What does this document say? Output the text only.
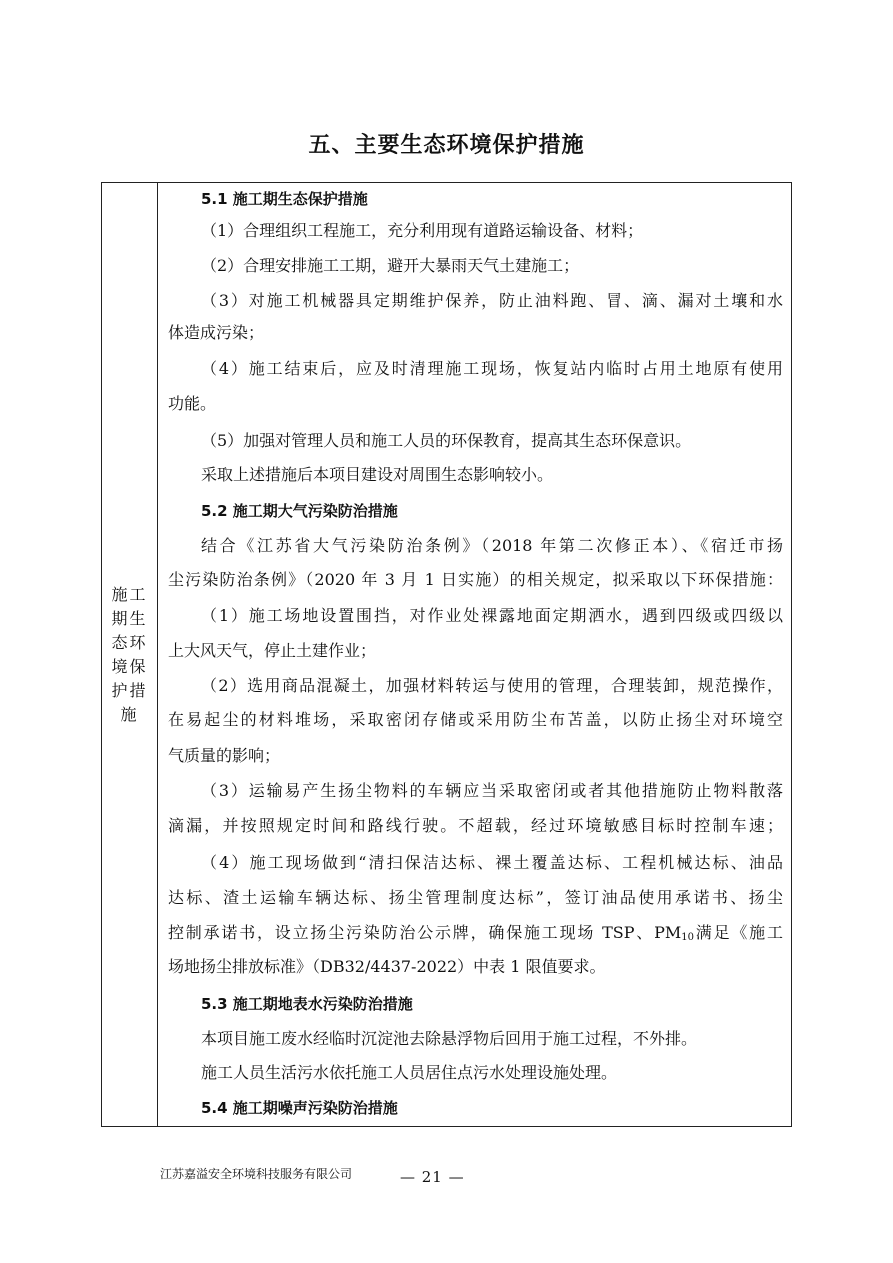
五、主要生态环境保护措施
施工期生态环境保护措施
5.1 施工期生态保护措施
（1）合理组织工程施工，充分利用现有道路运输设备、材料；
（2）合理安排施工工期，避开大暴雨天气土建施工；
（3）对施工机械器具定期维护保养，防止油料跑、冒、滴、漏对土壤和水
体造成污染；
（4）施工结束后，应及时清理施工现场，恢复站内临时占用土地原有使用
功能。
（5）加强对管理人员和施工人员的环保教育，提高其生态环保意识。
采取上述措施后本项目建设对周围生态影响较小。
5.2 施工期大气污染防治措施
结合《江苏省大气污染防治条例》（2018 年第二次修正本）、《宿迁市扬
尘污染防治条例》（2020 年 3 月 1 日实施）的相关规定，拟采取以下环保措施：
（1）施工场地设置围挡，对作业处裸露地面定期洒水，遇到四级或四级以
上大风天气，停止土建作业；
（2）选用商品混凝土，加强材料转运与使用的管理，合理装卸，规范操作，
在易起尘的材料堆场，采取密闭存储或采用防尘布苫盖，以防止扬尘对环境空
气质量的影响；
（3）运输易产生扬尘物料的车辆应当采取密闭或者其他措施防止物料散落
滴漏，并按照规定时间和路线行驶。不超载，经过环境敏感目标时控制车速；
（4）施工现场做到“清扫保洁达标、裸土覆盖达标、工程机械达标、油品
达标、渣土运输车辆达标、扬尘管理制度达标”，签订油品使用承诺书、扬尘
控制承诺书，设立扬尘污染防治公示牌，确保施工现场 TSP、$PM_{10}$满足《施工
场地扬尘排放标准》（DB32/4437-2022）中表 1 限值要求。
5.3 施工期地表水污染防治措施
本项目施工废水经临时沉淀池去除悬浮物后回用于施工过程，不外排。
施工人员生活污水依托施工人员居住点污水处理设施处理。
5.4 施工期噪声污染防治措施
江苏嘉溢安全环境科技服务有限公司	— 21 —
